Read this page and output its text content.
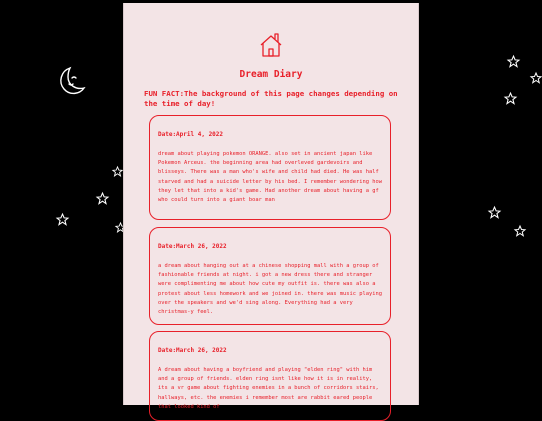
Dream Diary
FUN FACT:The background of this page changes depending on the time of day!
Date:April 4, 2022
dream about playing pokemon ORANGE. also set in ancient japan like Pokemon Arceus. the beginning area had overleved gardevoirs and blisseys. There was a man who's wife and child had died. He was half starved and had a suicide letter by his bed. I remember wondering how they let that into a kid's game. Had another dream about having a gf who could turn into a giant boar man
Date:March 26, 2022
a dream about hanging out at a chinese shopping mall with a group of fashionable friends at night. i got a new dress there and stranger were complimenting me about how cute my outfit is. there was also a protest about less homework and we joined in. there was music playing over the speakers and we'd sing along. Everything had a very christmas-y feel.
Date:March 26, 2022
A dream about having a boyfriend and playing "elden ring" with him and a group of friends. elden ring isnt like how it is in reality, its a vr game about fighting enemies in a bunch of corridors stairs, hallways, etc. the enemies i remember most are rabbit eared people that looked kind of
